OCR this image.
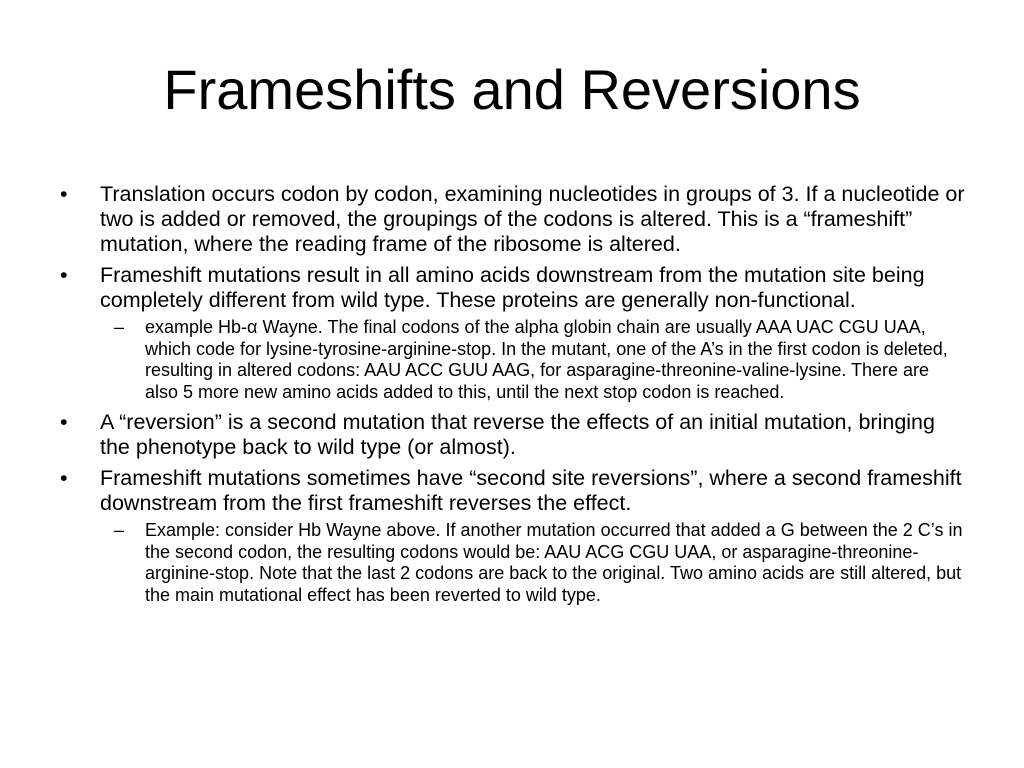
Frameshifts and Reversions
•	Translation occurs codon by codon, examining nucleotides in groups of 3. If a nucleotide or two is added or removed, the groupings of the codons is altered. This is a “frameshift” mutation, where the reading frame of the ribosome is altered.
•	Frameshift mutations result in all amino acids downstream from the mutation site being completely different from wild type. These proteins are generally non-functional.
–	example Hb-α Wayne. The final codons of the alpha globin chain are usually AAA UAC CGU UAA, which code for lysine-tyrosine-arginine-stop. In the mutant, one of the A’s in the first codon is deleted, resulting in altered codons: AAU ACC GUU AAG, for asparagine-threonine-valine-lysine. There are also 5 more new amino acids added to this, until the next stop codon is reached.
•	A “reversion” is a second mutation that reverse the effects of an initial mutation, bringing the phenotype back to wild type (or almost).
•	Frameshift mutations sometimes have “second site reversions”, where a second frameshift downstream from the first frameshift reverses the effect.
–	Example: consider Hb Wayne above. If another mutation occurred that added a G between the 2 C’s in the second codon, the resulting codons would be: AAU ACG CGU UAA, or asparagine-threonine-arginine-stop. Note that the last 2 codons are back to the original. Two amino acids are still altered, but the main mutational effect has been reverted to wild type.
